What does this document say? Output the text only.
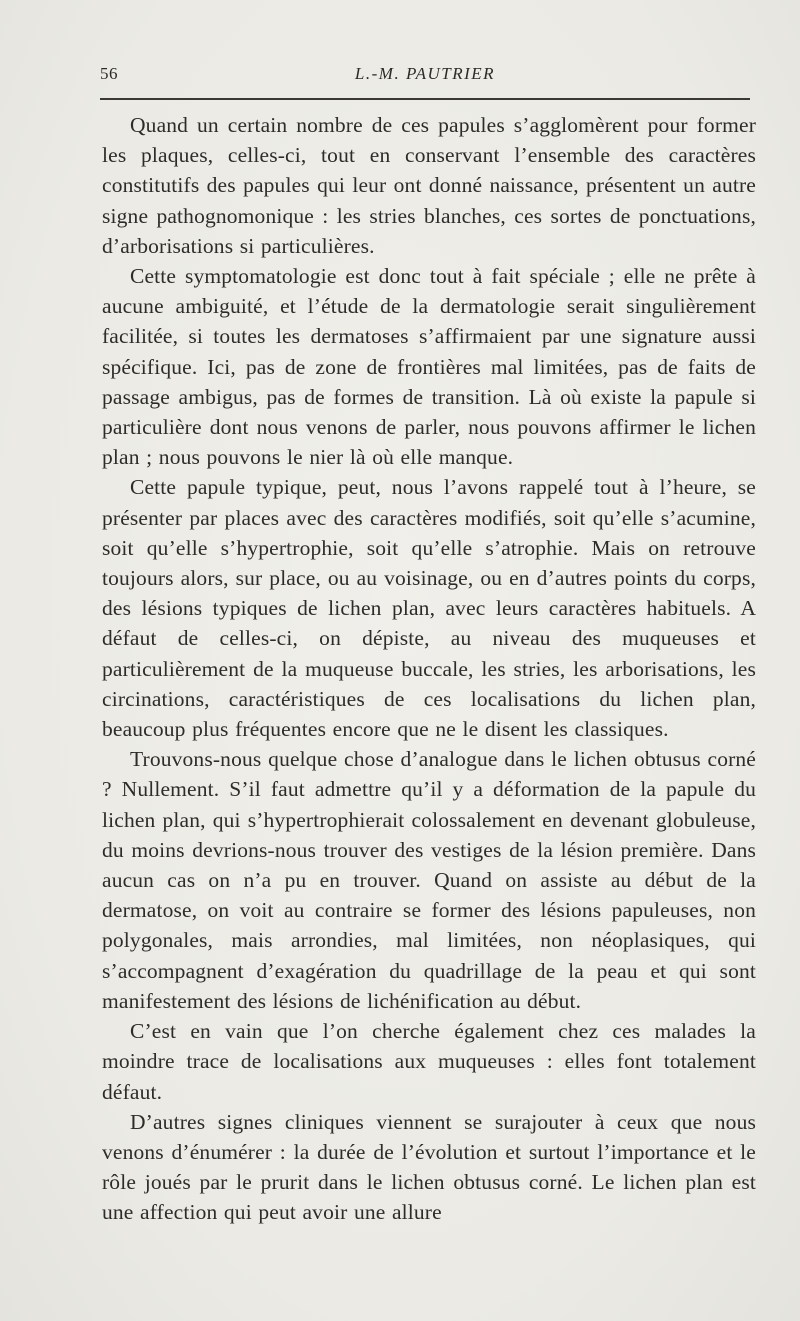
56	L.-M. PAUTRIER

Quand un certain nombre de ces papules s’agglomèrent pour former les plaques, celles-ci, tout en conservant l’ensemble des caractères constitutifs des papules qui leur ont donné naissance, présentent un autre signe pathognomonique : les stries blanches, ces sortes de ponctuations, d’arborisations si particulières.

Cette symptomatologie est donc tout à fait spéciale ; elle ne prête à aucune ambiguité, et l’étude de la dermatologie serait singulièrement facilitée, si toutes les dermatoses s’affirmaient par une signature aussi spécifique. Ici, pas de zone de frontières mal limitées, pas de faits de passage ambigus, pas de formes de transition. Là où existe la papule si particulière dont nous venons de parler, nous pouvons affirmer le lichen plan ; nous pouvons le nier là où elle manque.

Cette papule typique, peut, nous l’avons rappelé tout à l’heure, se présenter par places avec des caractères modifiés, soit qu’elle s’acumine, soit qu’elle s’hypertrophie, soit qu’elle s’atrophie. Mais on retrouve toujours alors, sur place, ou au voisinage, ou en d’autres points du corps, des lésions typiques de lichen plan, avec leurs caractères habituels. A défaut de celles-ci, on dépiste, au niveau des muqueuses et particulièrement de la muqueuse buccale, les stries, les arborisations, les circinations, caractéristiques de ces localisations du lichen plan, beaucoup plus fréquentes encore que ne le disent les classiques.

Trouvons-nous quelque chose d’analogue dans le lichen obtusus corné ? Nullement. S’il faut admettre qu’il y a déformation de la papule du lichen plan, qui s’hypertrophierait colossalement en devenant globuleuse, du moins devrions-nous trouver des vestiges de la lésion première. Dans aucun cas on n’a pu en trouver. Quand on assiste au début de la dermatose, on voit au contraire se former des lésions papuleuses, non polygonales, mais arrondies, mal limitées, non néoplasiques, qui s’accompagnent d’exagération du quadrillage de la peau et qui sont manifestement des lésions de lichénification au début.

C’est en vain que l’on cherche également chez ces malades la moindre trace de localisations aux muqueuses : elles font totalement défaut.

D’autres signes cliniques viennent se surajouter à ceux que nous venons d’énumérer : la durée de l’évolution et surtout l’importance et le rôle joués par le prurit dans le lichen obtusus corné. Le lichen plan est une affection qui peut avoir une allure
